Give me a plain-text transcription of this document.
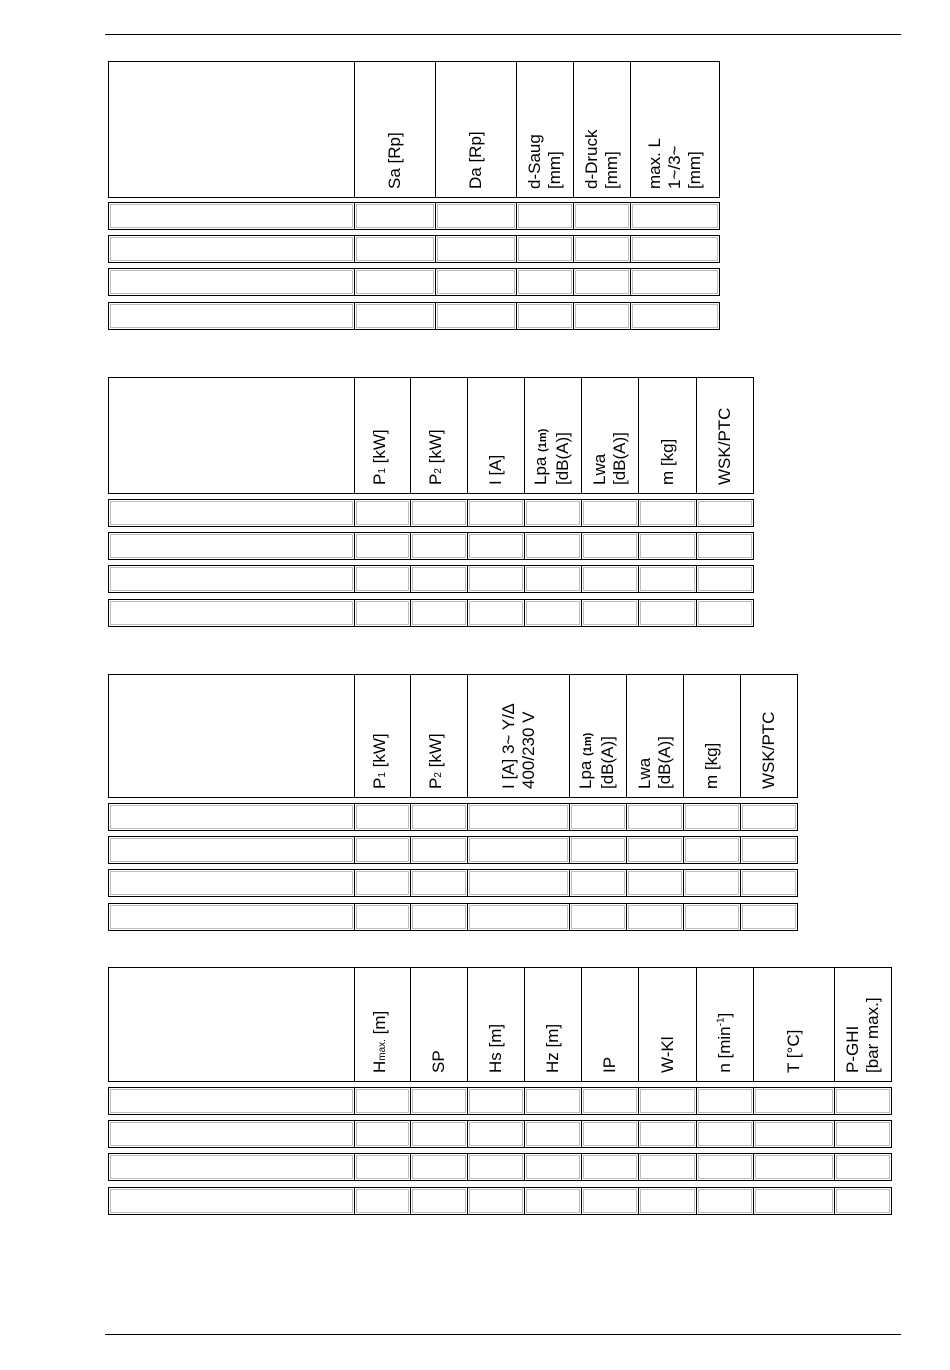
Sa [Rp]	Da [Rp] d-Saug
[mm] d-Druck
[mm] max. L
1~/3~
[mm]
P1 [kW]
P2 [kW]
I [A] Lpa (1m)
[dB(A)] Lwa
[dB(A)] m [kg] WSK/PTC
P1 [kW]
P2 [kW]
I [A] 3~ Y/∆
400/230 V
Lpa (1m)
[dB(A)] Lwa
[dB(A)] m [kg] WSK/PTC
Hmax. [m]
SP Hs [m] Hz [m] IP W-Kl n $[\min^{-1}]$
T [°C] P-GHI
[bar max.]
